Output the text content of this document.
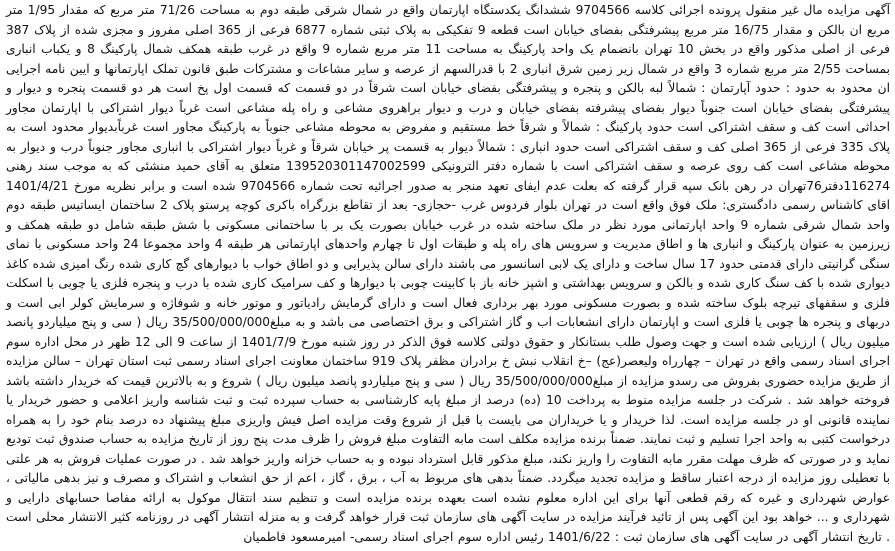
آگهی مزایده مال غیر منقول پرونده اجرائی کلاسه 9704566 ششدانگ یکدستگاه اپارتمان واقع در شمال شرقی طبقه دوم به مساحت 71/26 متر مربع که مقدار 1/95 متر مربع ان بالکن و مقدار 16/75 متر مربع پیشرفتگی بفضای خیابان است قطعه 9 تفکیکی به پلاک ثبتی شماره 6877 فرعی از 365 اصلی مفروز و مجزی شده از پلاک 387 فرعی از اصلی مذکور واقع در بخش 10 تهران بانضمام یک واحد پارکینگ به مساحت 11 متر مربع شماره 9 واقع در غرب طبقه همکف شمال پارکینگ 8 و یکباب انباری بمساحت 2/55 متر مربع شماره 3 واقع در شمال زیر زمین شرق انباری 2 با قدرالسهم از عرصه و سایر مشاعات و مشترکات طبق قانون تملک اپارتمانها و ایین نامه اجرایی ان محدود به حدود : حدود آپارتمان : شمالاً لبه بالکن و پنجره و پیشرفتگی بفضای خیابان است شرقاً در دو قسمت که قسمت اول پخ است هر دو قسمت پنجره و دیوار و پیشرفتگی بفضای خیابان است جنوباً دیوار بفضای پیشرفته بفضای خیابان و درب و دیوار براهروی مشاعی و راه پله مشاعی است غرباً دیوار اشتراکی با اپارتمان مجاور احداثی است کف و سقف اشتراکی است حدود پارکینگ : شمالاً و شرقاً خط مستقیم و مفروض به محوطه مشاعی جنوباً به پارکینگ مجاور است غرباًبدیوار محدود است به پلاک 335 فرعی از 365 اصلی کف و سقف اشتراکی است حدود انباری : شمالاً دیوار به قسمت پر خیابان شرقاً و غرباً دیوار اشتراکی با انباری مجاور جنوباً درب و دیوار به محوطه مشاعی است کف روی عرصه و سقف اشتراکی است با شماره دفتر الترونیکی 139520301147002599 متعلق به آقای حمید منشئی که به موجب سند رهنی 116274دفتر76تهران در رهن بانک سپه قرار گرفته که بعلت عدم ایفای تعهد منجر به صدور اجرائیه تحت شماره 9704566 شده است و برابر نظریه مورخ 1401/4/21 اقای کاشناس رسمی دادگستری: ملک فوق واقع است در تهران بلوار فردوس غرب -حجازی- بعد از تقاطع بزرگراه باکری کوچه پرستو پلاک 2 ساختمان ایساتیس طبقه دوم واحد شمال شرقی شماره 9 واحد اپارتمانی مورد نظر در ملک ساخته شده در غرب خیابان بصورت یک بر با ساختمانی مسکونی با شش طبقه شامل دو طبقه همکف و زیرزمین به عنوان پارکینگ و انباری ها و اطاق مدیریت و سرویس های راه پله و طبقات اول تا چهارم واحدهای اپارتمانی هر طبقه 4 واحد مجموعا 24 واحد مسکونی با نمای سنگی گرانیتی دارای قدمتی حدود 17 سال ساخت و دارای یک لابی اسانسور می باشند دارای سالن پذیرایی و دو اطاق خواب با دیوارهای گچ کاری شده رنگ امیزی شده کاغذ دیواری شده با کف سنگ کاری شده و بالکن و سرویس بهداشتی و اشپز خانه باز با کابینت چوبی با دیوارها و کف سرامیک کاری شده با درب و پنجره فلزی یا چوبی با اسکلت فلزی و سقفهای تیرچه بلوک ساخته شده و بصورت مسکونی مورد بهر برداری فعال است و دارای گرمایش رادیاتور و موتور خانه و شوفاژه و سرمایش کولر ابی است و دربهای و پنجره ها چوبی یا فلزی است و اپارتمان دارای انشعابات اب و گاز اشتراکی و برق اختصاصی می باشد و به مبلغ35/500/000/000 ریال ( سی و پنج میلیاردو پانصد میلیون ریال ) ارزیابی شده است و جهت وصول طلب بستانکار و حقوق دولتی کلاسه فوق الذکر در روز شنبه مورخ 1401/7/9 از ساعت 9 الی 12 ظهر در محل اداره سوم اجرای اسناد رسمی واقع در تهران – چهارراه ولیعصر(عج) –خ انقلاب نبش خ برادران مظفر پلاک 919 ساختمان معاونت اجرای اسناد رسمی ثبت استان تهران – سالن مزایده از طریق مزایده حضوری بفروش می رسدو مزایده از مبلغ35/500/000/000 ریال ( سی و پنج میلیاردو پانصد میلیون ریال ) شروع و به بالاترین قیمت که خریدار داشته باشد فروخته خواهد شد . شرکت در جلسه مزایده منوط به پرداخت 10 (ده) درصد از مبلغ پایه کارشناسی به حساب سپرده ثبت و ثبت شناسه واریز اعلامی و حضور خریدار یا نماینده قانونی او در جلسه مزایده است. لذا خریدار و یا خریداران می بایست با قبل از شروع وقت مزایده اصل فیش واریزی مبلغ پیشنهاد ده درصد بنام خود را به همراه درخواست کتبی به واحد اجرا تسلیم و ثبت نمایند. ضمناً برنده مزایده مکلف است مابه التفاوت مبلغ فروش را ظرف مدت پنج روز از تاریخ مزایده به حساب صندوق ثبت تودیع نماید و در صورتی که ظرف مهلت مقرر مابه التفاوت را واریز نکند، مبلغ مذکور قابل استرداد نبوده و به حساب خزانه واریز خواهد شد . در صورت عملیات فروش به هر علتی با تعطیلی روز مزایده از درجه اعتبار ساقط و مزایده تجدید میگردد. ضمناً بدهی های مربوط به آب ، برق ، گاز ، اعم از حق انشعاب و اشتراک و مصرف و نیز بدهی مالیاتی ، عوارض شهرداری و غیره که رقم قطعی آنها برای این اداره معلوم نشده است بعهده برنده مزایده است و تنظیم سند انتقال موکول به ارائه مفاصا حسابهای دارایی و شهرداری و ... خواهد بود این آگهی پس از تائید فرآیند مزایده در سایت آگهی های سازمان ثبت قرار خواهد گرفت و به منزله انتشار آگهی در روزنامه کثیر الانتشار محلی است . تاریخ انتشار آگهی در سایت آگهی های سازمان ثبت : 1401/6/22 رئیس اداره سوم اجرای اسناد رسمی- امیرمسعود فاطمیان
